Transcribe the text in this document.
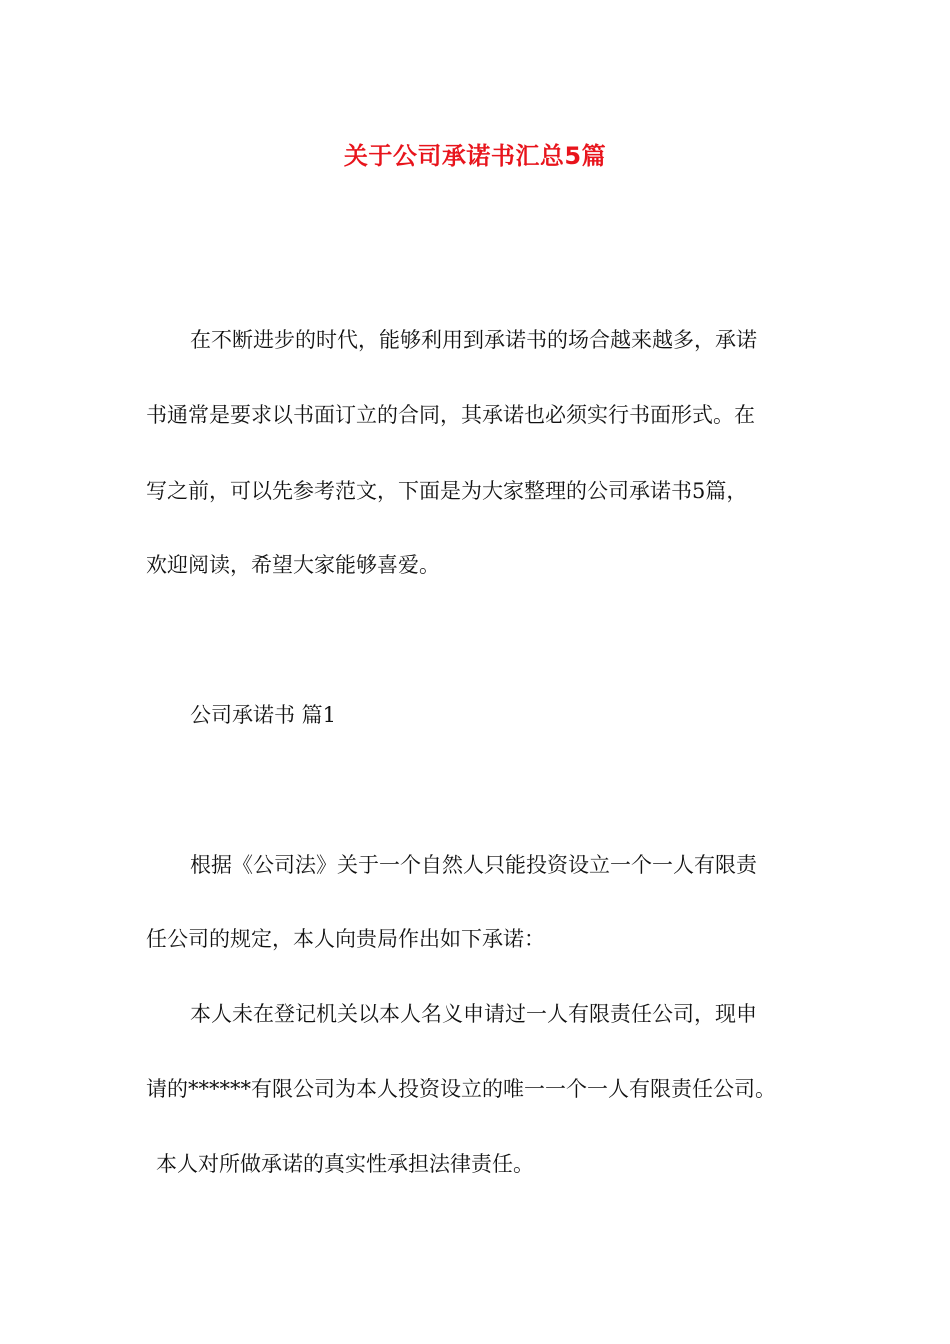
关于公司承诺书汇总5篇
在不断进步的时代，能够利用到承诺书的场合越来越多，承诺
书通常是要求以书面订立的合同，其承诺也必须实行书面形式。在
写之前，可以先参考范文，下面是为大家整理的公司承诺书5篇，
欢迎阅读，希望大家能够喜爱。
公司承诺书 篇1
根据《公司法》关于一个自然人只能投资设立一个一人有限责
任公司的规定，本人向贵局作出如下承诺：
本人未在登记机关以本人名义申请过一人有限责任公司，现申
请的******有限公司为本人投资设立的唯一一个一人有限责任公司。
本人对所做承诺的真实性承担法律责任。
